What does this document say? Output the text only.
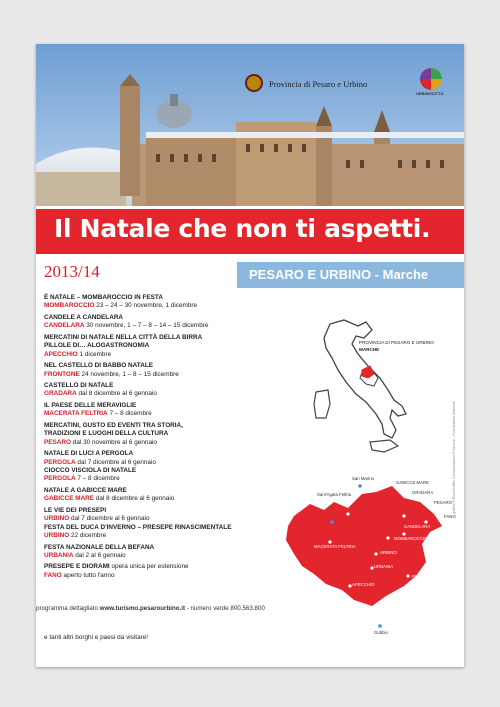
Provincia di Pesaro e Urbino
URBINOCITTÀ
Il Natale che non ti aspetti.
2013/14	PESARO E URBINO - Marche
È NATALE – MOMBAROCCIO IN FESTA
MOMBAROCCIO 23 – 24 – 30 novembre, 1 dicembre
CANDELE A CANDELARA
CANDELARA 30 novembre, 1 – 7 – 8 – 14 – 15 dicembre
MERCATINI DI NATALE NELLA CITTÀ DELLA BIRRA
PILLOLE DI… ALOGASTRONOMIA
APECCHIO 1 dicembre
NEL CASTELLO DI BABBO NATALE
FRONTONE 24 novembre, 1 – 8 – 15 dicembre
CASTELLO DI NATALE
GRADARA dal 8 dicembre al 6 gennaio
IL PAESE DELLE MERAVIGLIE
MACERATA FELTRIA 7 – 8 dicembre
MERCATINI, GUSTO ED EVENTI TRA STORIA,
TRADIZIONI E LUOGHI DELLA CULTURA
PESARO dal 30 novembre al 6 gennaio
NATALE DI LUCI A PERGOLA
PERGOLA dal 7 dicembre al 6 gennaio
CIOCCO VISCIOLA DI NATALE
PERGOLA 7 – 8 dicembre
NATALE A GABICCE MARE
GABICCE MARE dal 8 dicembre al 6 gennaio
LE VIE DEI PRESEPI
URBINO dal 7 dicembre al 6 gennaio
FESTA DEL DUCA D'INVERNO – PRESEPE RINASCIMENTALE
URBINO 22 dicembre
FESTA NAZIONALE DELLA BEFANA
URBANIA dal 2 al 6 gennaio
PRESEPE E DIORAMI opera unica per estensione
FANO aperto tutto l'anno
e tanti altri borghi e paesi da visitare!
PROVINCIA DI PESARO E URBINO
MARCHE
San Marino
GABICCE MARE
GRADARA
PESARO
FANO
Sant'Agata Feltria
CANDELARA
MOMBAROCCIO
MACERATA FELTRIA
URBINO
URBANIA
PERGOLA
APECCHIO
FRONTONE
Gubbio
grafica R Bonelli Uffici Comunicazione Provincia – Foto Antonio Sammali
programma dettagliato www.turismo.pesarourbino.it - numero verde 800.563.800
